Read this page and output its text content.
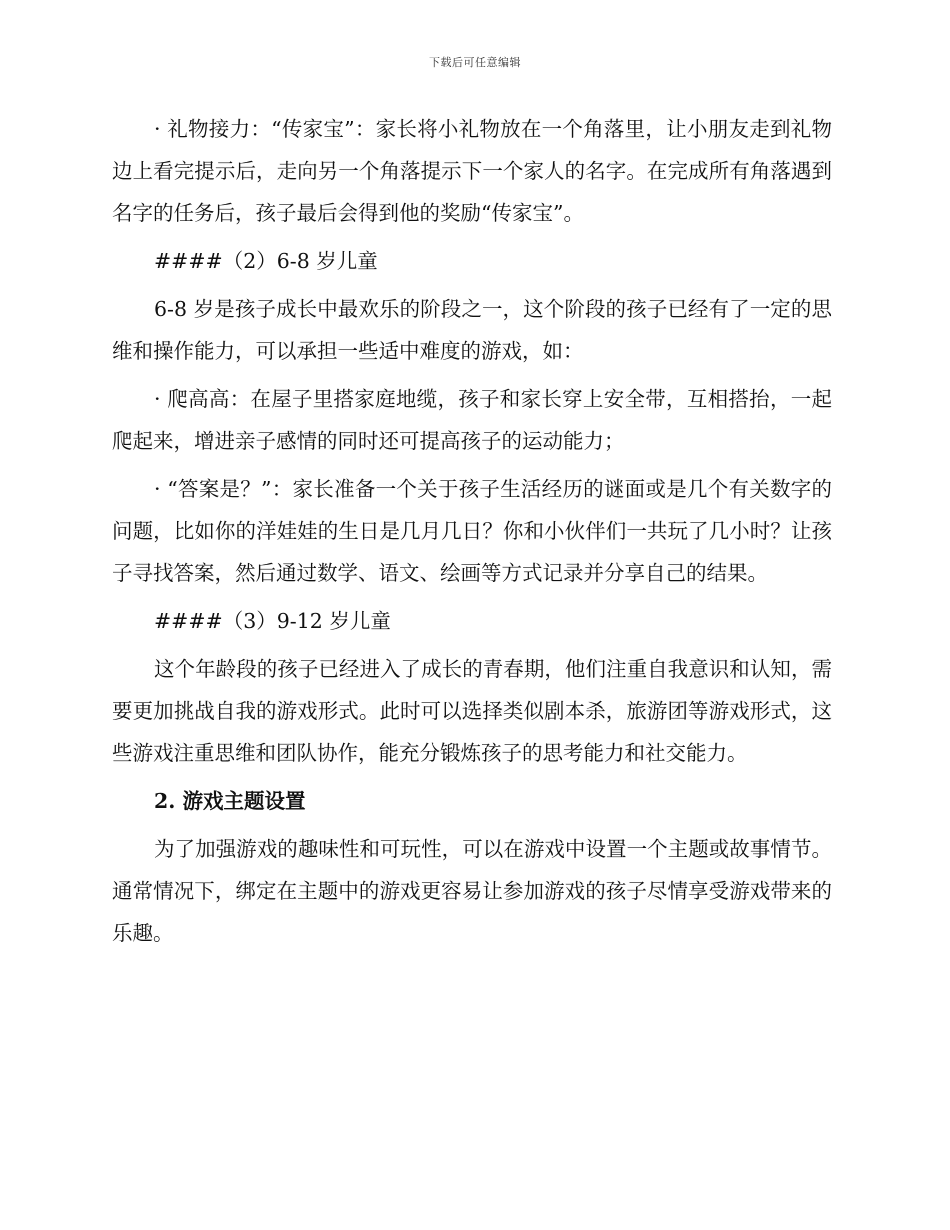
下载后可任意编辑

· 礼物接力：“传家宝”：家长将小礼物放在一个角落里，让小朋友走到礼物边上看完提示后，走向另一个角落提示下一个家人的名字。在完成所有角落遇到名字的任务后，孩子最后会得到他的奖励“传家宝”。

####（2）6-8 岁儿童

6-8 岁是孩子成长中最欢乐的阶段之一，这个阶段的孩子已经有了一定的思维和操作能力，可以承担一些适中难度的游戏，如：

· 爬高高：在屋子里搭家庭地缆，孩子和家长穿上安全带，互相搭抬，一起爬起来，增进亲子感情的同时还可提高孩子的运动能力；

· “答案是？”：家长准备一个关于孩子生活经历的谜面或是几个有关数字的问题，比如你的洋娃娃的生日是几月几日？你和小伙伴们一共玩了几小时？让孩子寻找答案，然后通过数学、语文、绘画等方式记录并分享自己的结果。

####（3）9-12 岁儿童

这个年龄段的孩子已经进入了成长的青春期，他们注重自我意识和认知，需要更加挑战自我的游戏形式。此时可以选择类似剧本杀，旅游团等游戏形式，这些游戏注重思维和团队协作，能充分锻炼孩子的思考能力和社交能力。

2. 游戏主题设置

为了加强游戏的趣味性和可玩性，可以在游戏中设置一个主题或故事情节。通常情况下，绑定在主题中的游戏更容易让参加游戏的孩子尽情享受游戏带来的乐趣。
